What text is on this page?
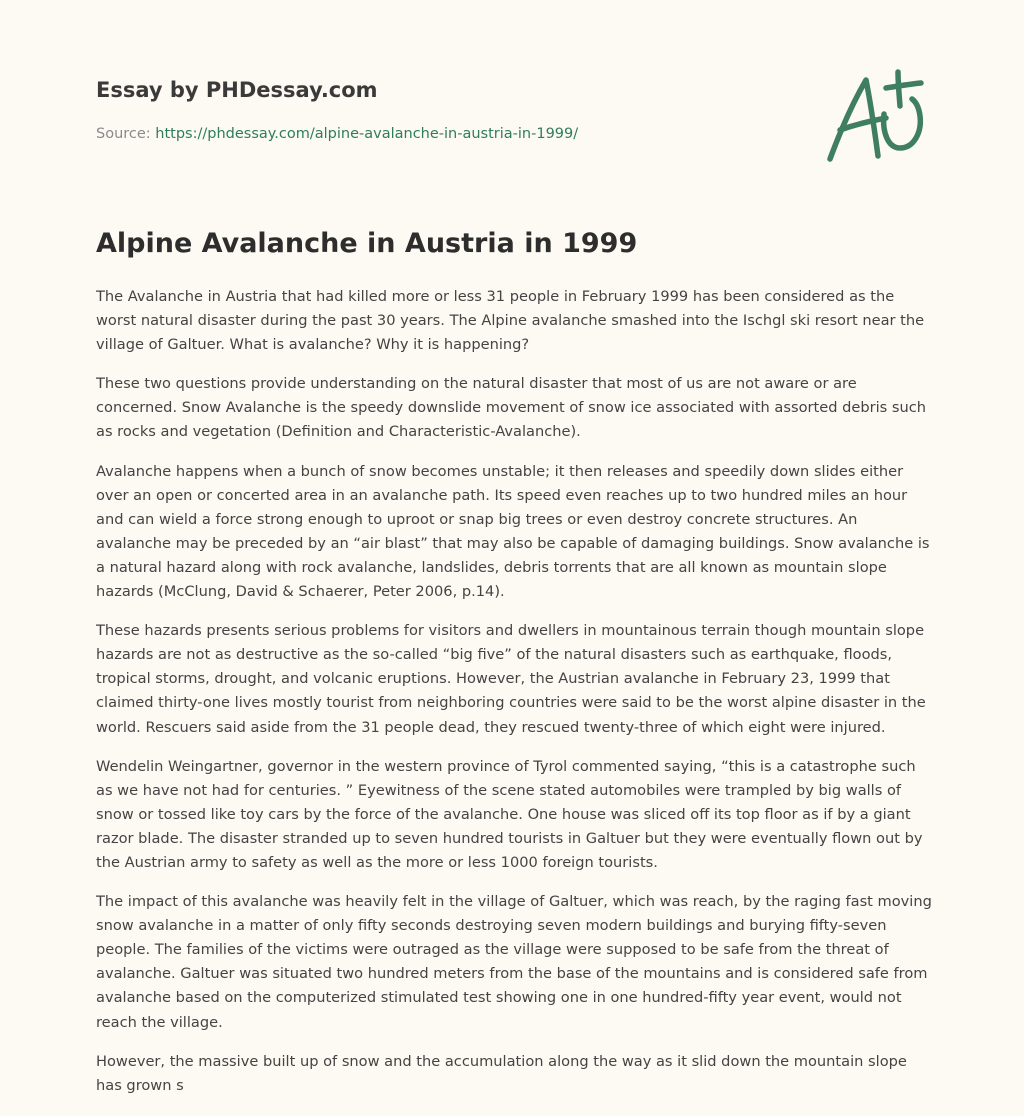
Essay by PHDessay.com
Source: https://phdessay.com/alpine-avalanche-in-austria-in-1999/
Alpine Avalanche in Austria in 1999

The Avalanche in Austria that had killed more or less 31 people in February 1999 has been considered as the worst natural disaster during the past 30 years. The Alpine avalanche smashed into the Ischgl ski resort near the village of Galtuer. What is avalanche? Why it is happening?

These two questions provide understanding on the natural disaster that most of us are not aware or are concerned. Snow Avalanche is the speedy downslide movement of snow ice associated with assorted debris such as rocks and vegetation (Definition and Characteristic-Avalanche).

Avalanche happens when a bunch of snow becomes unstable; it then releases and speedily down slides either over an open or concerted area in an avalanche path. Its speed even reaches up to two hundred miles an hour and can wield a force strong enough to uproot or snap big trees or even destroy concrete structures. An avalanche may be preceded by an “air blast” that may also be capable of damaging buildings. Snow avalanche is a natural hazard along with rock avalanche, landslides, debris torrents that are all known as mountain slope hazards (McClung, David & Schaerer, Peter 2006, p.14).

These hazards presents serious problems for visitors and dwellers in mountainous terrain though mountain slope hazards are not as destructive as the so-called “big five” of the natural disasters such as earthquake, floods, tropical storms, drought, and volcanic eruptions. However, the Austrian avalanche in February 23, 1999 that claimed thirty-one lives mostly tourist from neighboring countries were said to be the worst alpine disaster in the world. Rescuers said aside from the 31 people dead, they rescued twenty-three of which eight were injured.

Wendelin Weingartner, governor in the western province of Tyrol commented saying, “this is a catastrophe such as we have not had for centuries. ” Eyewitness of the scene stated automobiles were trampled by big walls of snow or tossed like toy cars by the force of the avalanche. One house was sliced off its top floor as if by a giant razor blade. The disaster stranded up to seven hundred tourists in Galtuer but they were eventually flown out by the Austrian army to safety as well as the more or less 1000 foreign tourists.

The impact of this avalanche was heavily felt in the village of Galtuer, which was reach, by the raging fast moving snow avalanche in a matter of only fifty seconds destroying seven modern buildings and burying fifty-seven people. The families of the victims were outraged as the village were supposed to be safe from the threat of avalanche. Galtuer was situated two hundred meters from the base of the mountains and is considered safe from avalanche based on the computerized stimulated test showing one in one hundred-fifty year event, would not reach the village.

However, the massive built up of snow and the accumulation along the way as it slid down the mountain slope has grown s
